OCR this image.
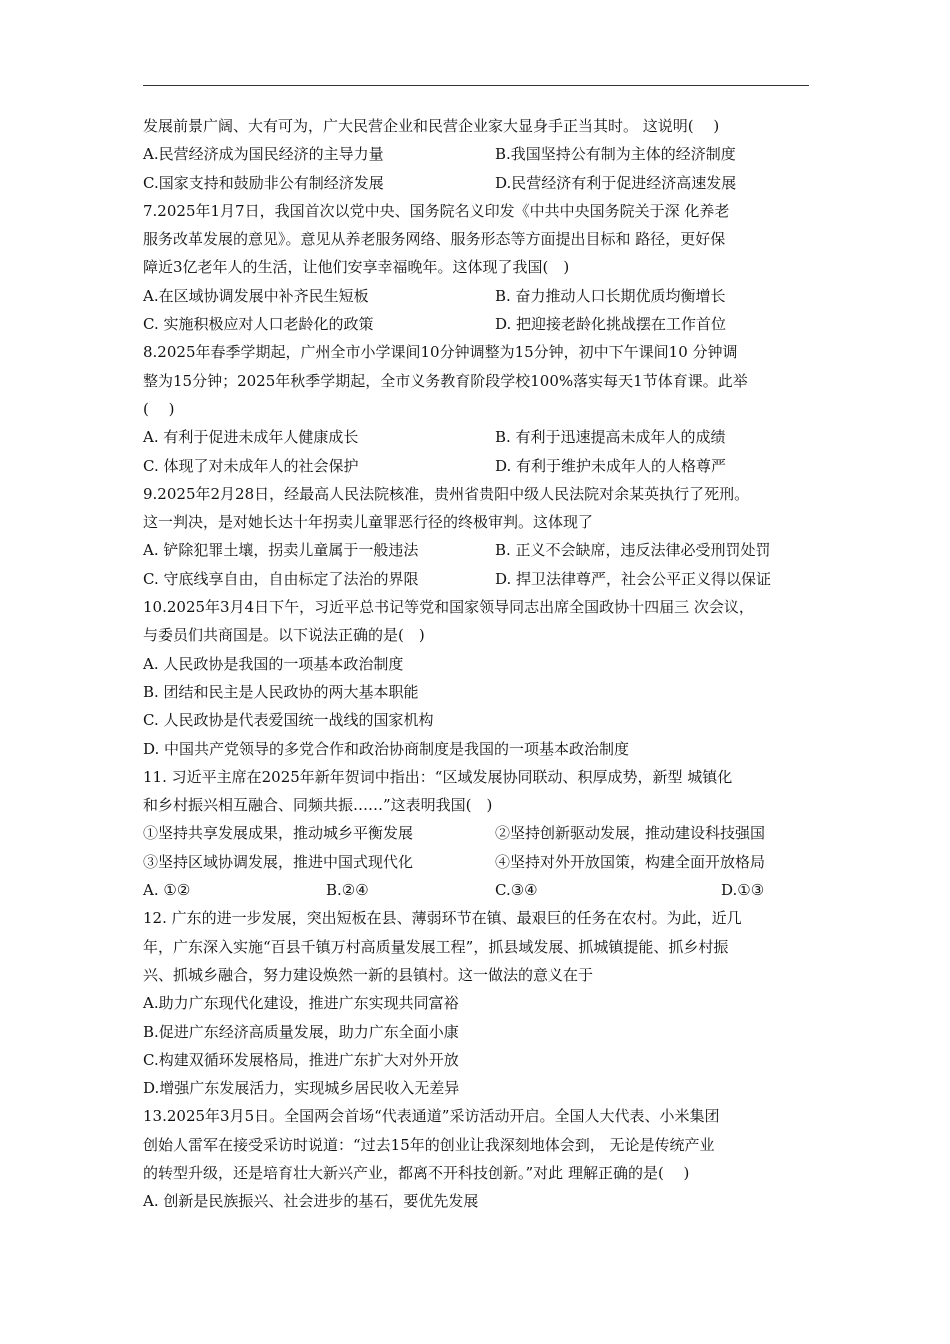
发展前景广阔、大有可为，广大民营企业和民营企业家大显身手正当其时。 这说明(　 )
A.民营经济成为国民经济的主导力量	B.我国坚持公有制为主体的经济制度
C.国家支持和鼓励非公有制经济发展	D.民营经济有利于促进经济高速发展
7.2025年1月7日，我国首次以党中央、国务院名义印发《中共中央国务院关于深 化养老
服务改革发展的意见》。意见从养老服务网络、服务形态等方面提出目标和 路径，更好保
障近3亿老年人的生活，让他们安享幸福晚年。这体现了我国(　)
A.在区域协调发展中补齐民生短板	B. 奋力推动人口长期优质均衡增长
C. 实施积极应对人口老龄化的政策	D. 把迎接老龄化挑战摆在工作首位
8.2025年春季学期起，广州全市小学课间10分钟调整为15分钟，初中下午课间10 分钟调
整为15分钟；2025年秋季学期起，全市义务教育阶段学校100%落实每天1节体育课。此举
(　 )
A. 有利于促进未成年人健康成长	B. 有利于迅速提高未成年人的成绩
C. 体现了对未成年人的社会保护	D. 有利于维护未成年人的人格尊严
9.2025年2月28日，经最高人民法院核准，贵州省贵阳中级人民法院对余某英执行了死刑。
这一判决，是对她长达十年拐卖儿童罪恶行径的终极审判。这体现了
A. 铲除犯罪土壤，拐卖儿童属于一般违法	B. 正义不会缺席，违反法律必受刑罚处罚
C. 守底线享自由，自由标定了法治的界限	D. 捍卫法律尊严，社会公平正义得以保证
10.2025年3月4日下午，习近平总书记等党和国家领导同志出席全国政协十四届三 次会议，
与委员们共商国是。以下说法正确的是(　)
A. 人民政协是我国的一项基本政治制度
B. 团结和民主是人民政协的两大基本职能
C. 人民政协是代表爱国统一战线的国家机构
D. 中国共产党领导的多党合作和政治协商制度是我国的一项基本政治制度
11. 习近平主席在2025年新年贺词中指出：“区域发展协同联动、积厚成势，新型 城镇化
和乡村振兴相互融合、同频共振……”这表明我国(　)
①坚持共享发展成果，推动城乡平衡发展	②坚持创新驱动发展，推动建设科技强国
③坚持区域协调发展，推进中国式现代化	④坚持对外开放国策，构建全面开放格局
A. ①②	B.②④	C.③④	D.①③
12. 广东的进一步发展，突出短板在县、薄弱环节在镇、最艰巨的任务在农村。为此，近几
年，广东深入实施“百县千镇万村高质量发展工程”，抓县域发展、抓城镇提能、抓乡村振
兴、抓城乡融合，努力建设焕然一新的县镇村。这一做法的意义在于
A.助力广东现代化建设，推进广东实现共同富裕
B.促进广东经济高质量发展，助力广东全面小康
C.构建双循环发展格局，推进广东扩大对外开放
D.增强广东发展活力，实现城乡居民收入无差异
13.2025年3月5日。全国两会首场“代表通道”采访活动开启。全国人大代表、小米集团
创始人雷军在接受采访时说道：“过去15年的创业让我深刻地体会到， 无论是传统产业
的转型升级，还是培育壮大新兴产业，都离不开科技创新。”对此 理解正确的是(　 )
A. 创新是民族振兴、社会进步的基石，要优先发展
